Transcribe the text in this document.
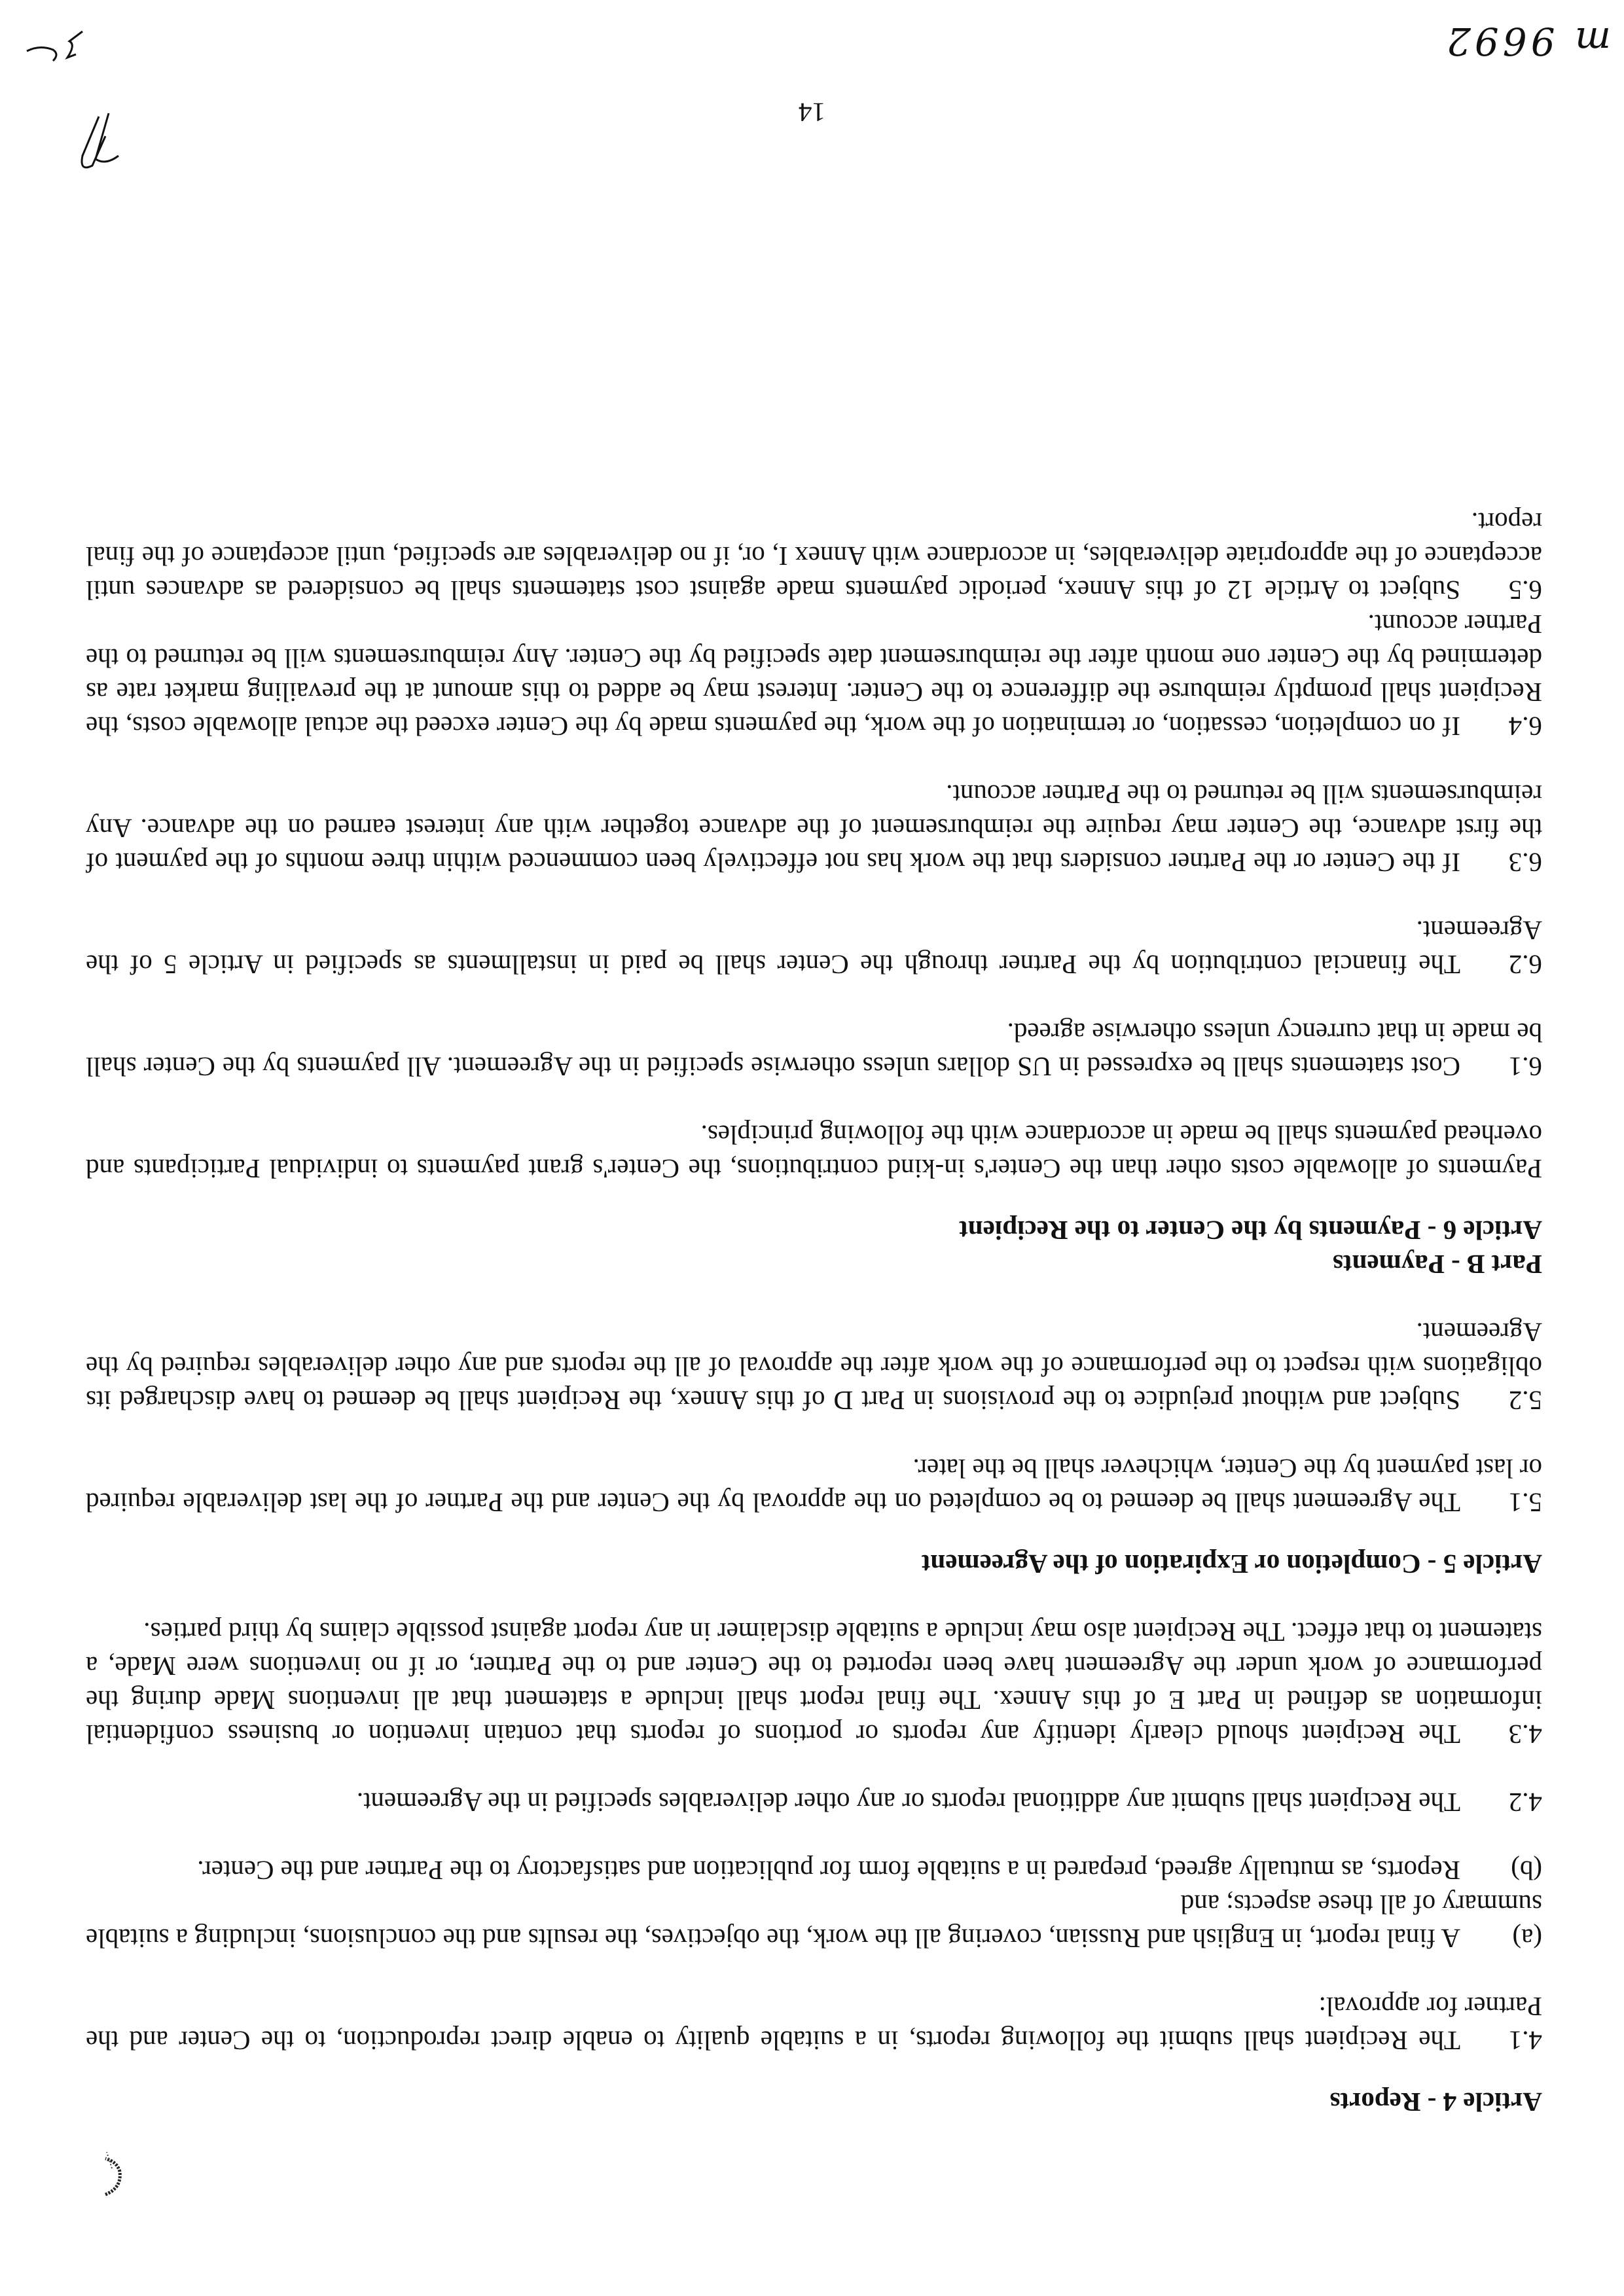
Article 4 - Reports
4.1The Recipient shall submit the following reports, in a suitable quality to enable direct reproduction, to the Center and the Partner for approval:
(a)A final report, in English and Russian, covering all the work, the objectives, the results and the conclusions, including a suitable summary of all these aspects; and
(b)Reports, as mutually agreed, prepared in a suitable form for publication and satisfactory to the Partner and the Center.
4.2The Recipient shall submit any additional reports or any other deliverables specified in the Agreement.
4.3The Recipient should clearly identify any reports or portions of reports that contain invention or business confidential information as defined in Part E of this Annex. The final report shall include a statement that all inventions Made during the performance of work under the Agreement have been reported to the Center and to the Partner, or if no inventions were Made, a statement to that effect. The Recipient also may include a suitable disclaimer in any report against possible claims by third parties.
Article 5 - Completion or Expiration of the Agreement
5.1The Agreement shall be deemed to be completed on the approval by the Center and the Partner of the last deliverable required or last payment by the Center, whichever shall be the later.
5.2Subject and without prejudice to the provisions in Part D of this Annex, the Recipient shall be deemed to have discharged its obligations with respect to the performance of the work after the approval of all the reports and any other deliverables required by the Agreement.
Part B - Payments
Article 6 - Payments by the Center to the Recipient
Payments of allowable costs other than the Center's in-kind contributions, the Center's grant payments to individual Participants and overhead payments shall be made in accordance with the following principles.
6.1Cost statements shall be expressed in US dollars unless otherwise specified in the Agreement. All payments by the Center shall be made in that currency unless otherwise agreed.
6.2The financial contribution by the Partner through the Center shall be paid in installments as specified in Article 5 of the Agreement.
6.3If the Center or the Partner considers that the work has not effectively been commenced within three months of the payment of the first advance, the Center may require the reimbursement of the advance together with any interest earned on the advance. Any reimbursements will be returned to the Partner account.
6.4If on completion, cessation, or termination of the work, the payments made by the Center exceed the actual allowable costs, the Recipient shall promptly reimburse the difference to the Center. Interest may be added to this amount at the prevailing market rate as determined by the Center one month after the reimbursement date specified by the Center. Any reimbursements will be returned to the Partner account.
6.5Subject to Article 12 of this Annex, periodic payments made against cost statements shall be considered as advances until acceptance of the appropriate deliverables, in accordance with Annex I, or, if no deliverables are specified, until acceptance of the final report.
14
m 9692
